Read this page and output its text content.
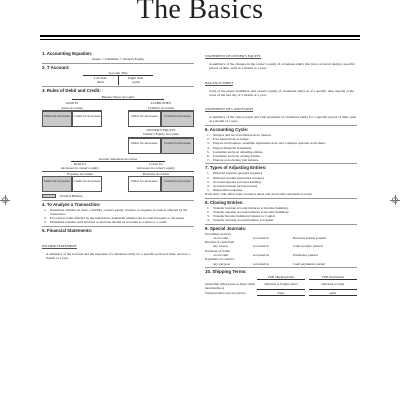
The Basics
1. Accounting Equation:
Assets = Liabilities + Owner's Equity
2. T Account:
Account Title
Left Side
debit
Right Side
credit
3. Rules of Debit and Credit:
Balance Sheet Accounts
ASSETS
Asset Accounts
Debit for increases	Credit for decreases
LIABILITIES
Liability Accounts
Debit for decreases	Credit for increases
OWNER'S EQUITY
Owner's Equity Accounts
Debit for decreases	Credit for increases
Income Statement Accounts
Debit for
decreases in owner's equity
Expense Accounts
Credit for
increases in owner's equity
Revenue Accounts
Debit for increases	Credit for decreases	Debit for decreases	Credit for increases
Normal Balance
4. To Analyze a Transaction:
1. Determine whether an asset, a liability, owner's equity, revenue, or expense account is affected by the transaction.
2. For each account affected by the transaction, determine whether the account increases or decreases.
3. Determine whether each increase or decrease should be recorded as a debit or a credit.
5. Financial Statements:
INCOME STATEMENT
A summary of the revenue and the expenses of a business entity for a specific period of time, such as a month or a year.
STATEMENT OF OWNER'S EQUITY
A summary of the changes in the owner's equity of a business entity that have occurred during a specific period of time, such as a month or a year.
BALANCE SHEET
A list of the assets, liabilities, and owner's equity of a business entity as of a specific date, usually at the close of the last day of a month or a year.
STATEMENT OF CASH FLOWS
A summary of the cash receipts and cash payments of a business entity for a specific period of time, such as a month or a year.
6. Accounting Cycle:
1. Analyze and record transactions in journal.
2. Post transactions to ledger.
3. Prepare trial balance, assemble adjustment data, and complete optional work sheet.
4. Prepare financial statements.
5. Journalize and post adjusting entries.
6. Journalize and post closing entries.
7. Prepare post-closing trial balance.
7. Types of Adjusting Entries:
1. Deferred expense (prepaid expense)
2. Deferred revenue (unearned revenue)
3. Accrued expense (accrued liability)
4. Accrued revenue (accrued asset)
5. Depreciation expense
Each entry will affect both a balance sheet and an income statement account.
8. Closing Entries:
1. Transfer revenue account balances to Income Summary.
2. Transfer expense account balances to Income Summary.
3. Transfer Income Summary balance to Capital.
4. Transfer drawing account balance to Capital.
9. Special Journals:
Providing services
on account	recorded in	Revenue (sales) journal
Receipt of cash from
any source	recorded in	Cash receipts journal
Purchase of items
on account	recorded in	Purchases journal
Payments of cash for
any purpose	recorded in	Cash payments journal
10. Shipping Terms:
FOB Shipping Point	FOB Destination
Ownership (title) passes to buyer when merchandise is
delivered to freight carrier	delivered to buyer
Transportation costs are paid by	buyer	seller
